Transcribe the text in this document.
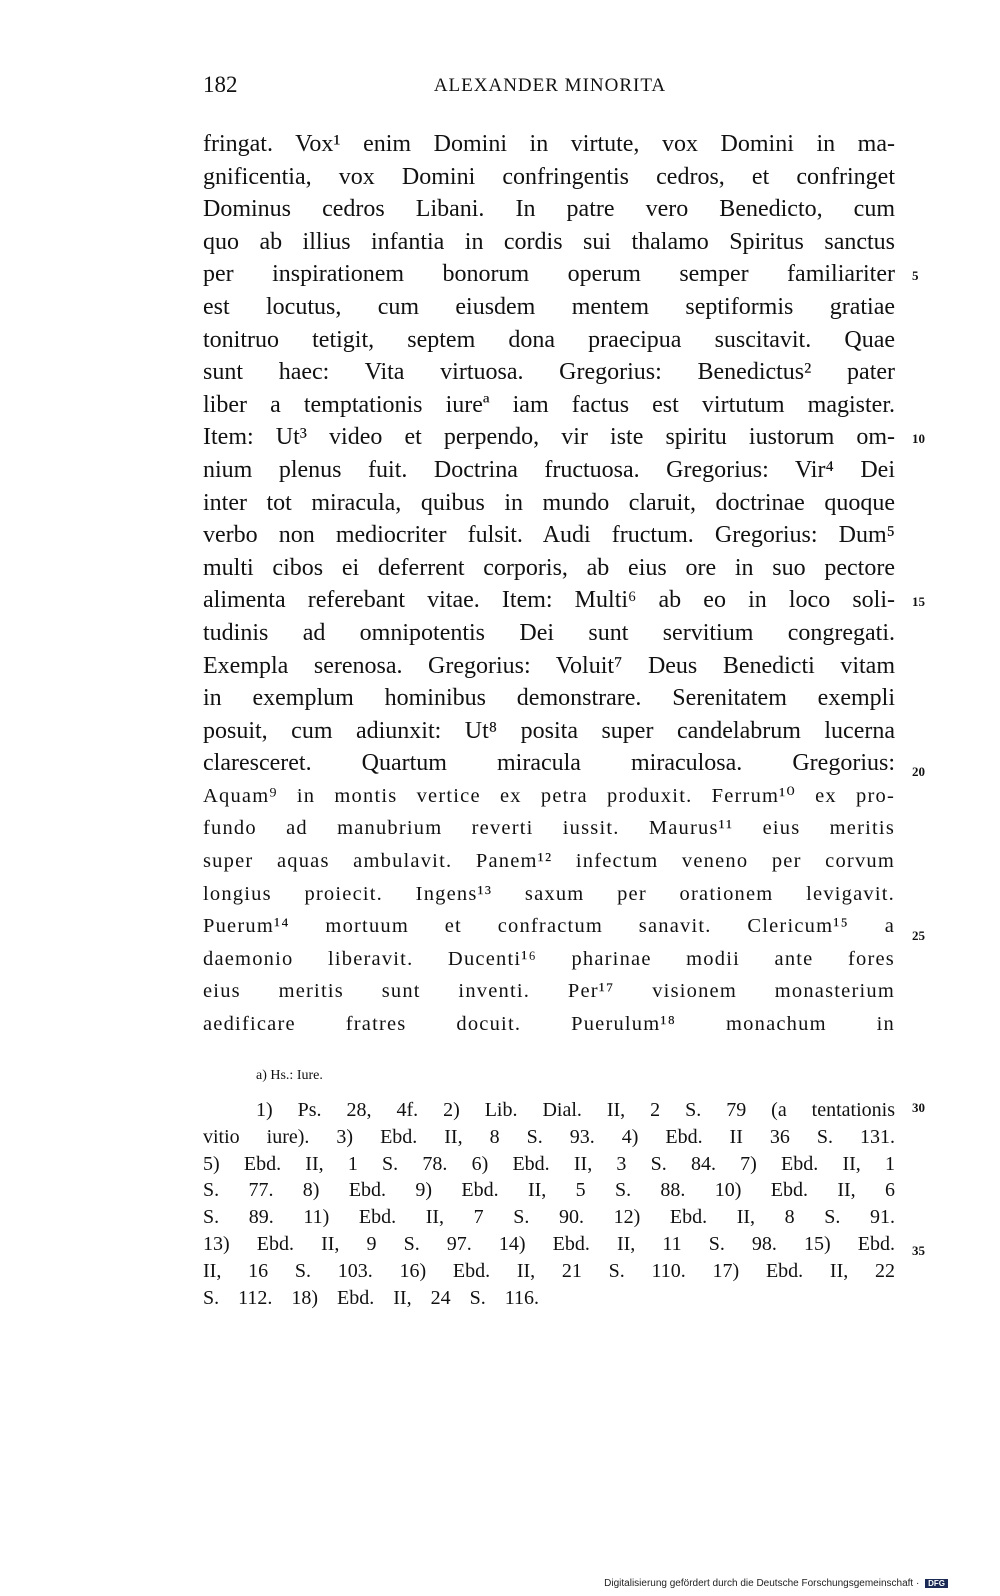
182	ALEXANDER MINORITA
fringat. Vox¹ enim Domini in virtute, vox Domini in ma-
gnificentia, vox Domini confringentis cedros, et confringet
Dominus cedros Libani. In patre vero Benedicto, cum
quo ab illius infantia in cordis sui thalamo Spiritus sanctus
per inspirationem bonorum operum semper familiariter
est locutus, cum eiusdem mentem septiformis gratiae
tonitruo tetigit, septem dona praecipua suscitavit. Quae
sunt haec: Vita virtuosa. Gregorius: Benedictus² pater
liber a temptationis iureª iam factus est virtutum magister.
Item: Ut³ video et perpendo, vir iste spiritu iustorum om-
nium plenus fuit. Doctrina fructuosa. Gregorius: Vir⁴ Dei
inter tot miracula, quibus in mundo claruit, doctrinae quoque
verbo non mediocriter fulsit. Audi fructum. Gregorius: Dum⁵
multi cibos ei deferrent corporis, ab eius ore in suo pectore
alimenta referebant vitae. Item: Multi⁶ ab eo in loco soli-
tudinis ad omnipotentis Dei sunt servitium congregati.
Exempla serenosa. Gregorius: Voluit⁷ Deus Benedicti vitam
in exemplum hominibus demonstrare. Serenitatem exempli
posuit, cum adiunxit: Ut⁸ posita super candelabrum lucerna
claresceret. Quartum miracula miraculosa. Gregorius:
Aquam⁹ in montis vertice ex petra produxit. Ferrum¹⁰ ex pro-
fundo ad manubrium reverti iussit. Maurus¹¹ eius meritis
super aquas ambulavit. Panem¹² infectum veneno per corvum
longius proiecit. Ingens¹³ saxum per orationem levigavit.
Puerum¹⁴ mortuum et confractum sanavit. Clericum¹⁵ a
daemonio liberavit. Ducenti¹⁶ pharinae modii ante fores
eius meritis sunt inventi. Per¹⁷ visionem monasterium
aedificare fratres docuit. Puerulum¹⁸ monachum in
5
10
15
20
25
a) Hs.: Iure.
1) Ps. 28, 4f. 2) Lib. Dial. II, 2 S. 79 (a tentationis
vitio iure). 3) Ebd. II, 8 S. 93. 4) Ebd. II 36 S. 131.
5) Ebd. II, 1 S. 78. 6) Ebd. II, 3 S. 84. 7) Ebd. II, 1
S. 77. 8) Ebd. 9) Ebd. II, 5 S. 88. 10) Ebd. II, 6
S. 89. 11) Ebd. II, 7 S. 90. 12) Ebd. II, 8 S. 91.
13) Ebd. II, 9 S. 97. 14) Ebd. II, 11 S. 98. 15) Ebd.
II, 16 S. 103. 16) Ebd. II, 21 S. 110. 17) Ebd. II, 22
S. 112. 18) Ebd. II, 24 S. 116.
30
35
Digitalisierung gefördert durch die Deutsche Forschungsgemeinschaft · DFG
